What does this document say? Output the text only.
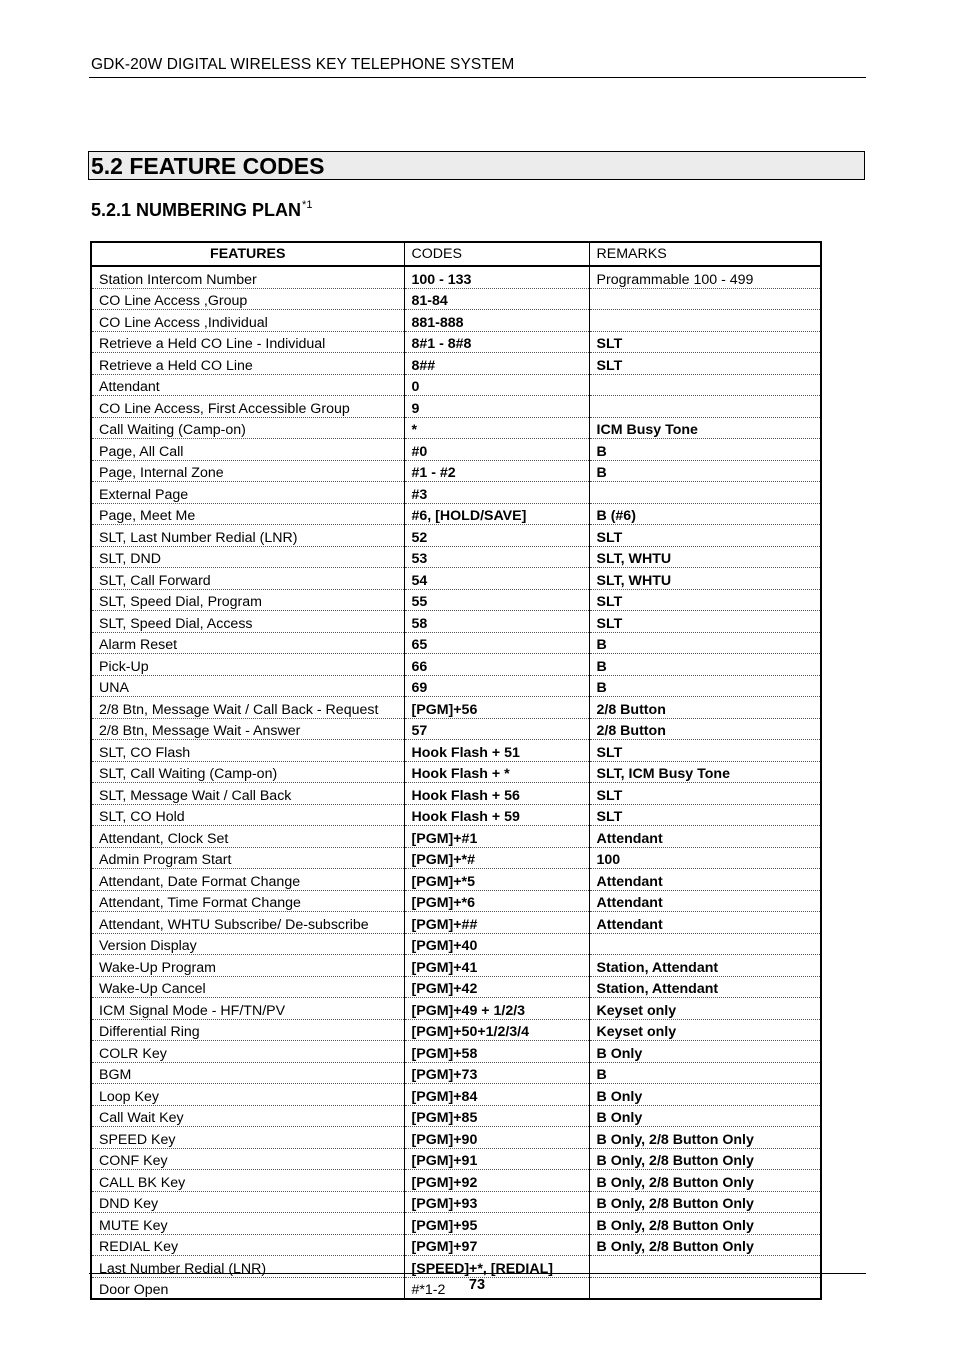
GDK-20W DIGITAL WIRELESS KEY TELEPHONE SYSTEM
5.2 FEATURE CODES
5.2.1 NUMBERING PLAN$^{*1}$
FEATURES	CODES	REMARKS
Station Intercom Number	100 - 133	Programmable 100 - 499
CO Line Access ,Group	81-84	
CO Line Access ,Individual	881-888	
Retrieve a Held CO Line - Individual	8#1 - 8#8	SLT
Retrieve a Held CO Line	8##	SLT
Attendant	0	
CO Line Access, First Accessible Group	9	
Call Waiting (Camp-on)	*	ICM Busy Tone
Page, All Call	#0	B
Page, Internal Zone	#1 - #2	B
External Page	#3	
Page, Meet Me	#6, [HOLD/SAVE]	B (#6)
SLT, Last Number Redial (LNR)	52	SLT
SLT, DND	53	SLT, WHTU
SLT, Call Forward	54	SLT, WHTU
SLT, Speed Dial, Program	55	SLT
SLT, Speed Dial, Access	58	SLT
Alarm Reset	65	B
Pick-Up	66	B
UNA	69	B
2/8 Btn, Message Wait / Call Back - Request	[PGM]+56	2/8 Button
2/8 Btn, Message Wait - Answer	57	2/8 Button
SLT, CO Flash	Hook Flash + 51	SLT
SLT, Call Waiting (Camp-on)	Hook Flash + *	SLT, ICM Busy Tone
SLT, Message Wait / Call Back	Hook Flash + 56	SLT
SLT, CO Hold	Hook Flash + 59	SLT
Attendant, Clock Set	[PGM]+#1	Attendant
Admin Program Start	[PGM]+*#	100
Attendant, Date Format Change	[PGM]+*5	Attendant
Attendant, Time Format Change	[PGM]+*6	Attendant
Attendant, WHTU Subscribe/ De-subscribe	[PGM]+##	Attendant
Version Display	[PGM]+40	
Wake-Up Program	[PGM]+41	Station, Attendant
Wake-Up Cancel	[PGM]+42	Station, Attendant
ICM Signal Mode - HF/TN/PV	[PGM]+49 + 1/2/3	Keyset only
Differential Ring	[PGM]+50+1/2/3/4	Keyset only
COLR Key	[PGM]+58	B Only
BGM	[PGM]+73	B
Loop Key	[PGM]+84	B Only
Call Wait Key	[PGM]+85	B Only
SPEED Key	[PGM]+90	B Only, 2/8 Button Only
CONF Key	[PGM]+91	B Only, 2/8 Button Only
CALL BK Key	[PGM]+92	B Only, 2/8 Button Only
DND Key	[PGM]+93	B Only, 2/8 Button Only
MUTE Key	[PGM]+95	B Only, 2/8 Button Only
REDIAL Key	[PGM]+97	B Only, 2/8 Button Only
Last Number Redial (LNR)	[SPEED]+*, [REDIAL]	
Door Open	#*1-2		73
